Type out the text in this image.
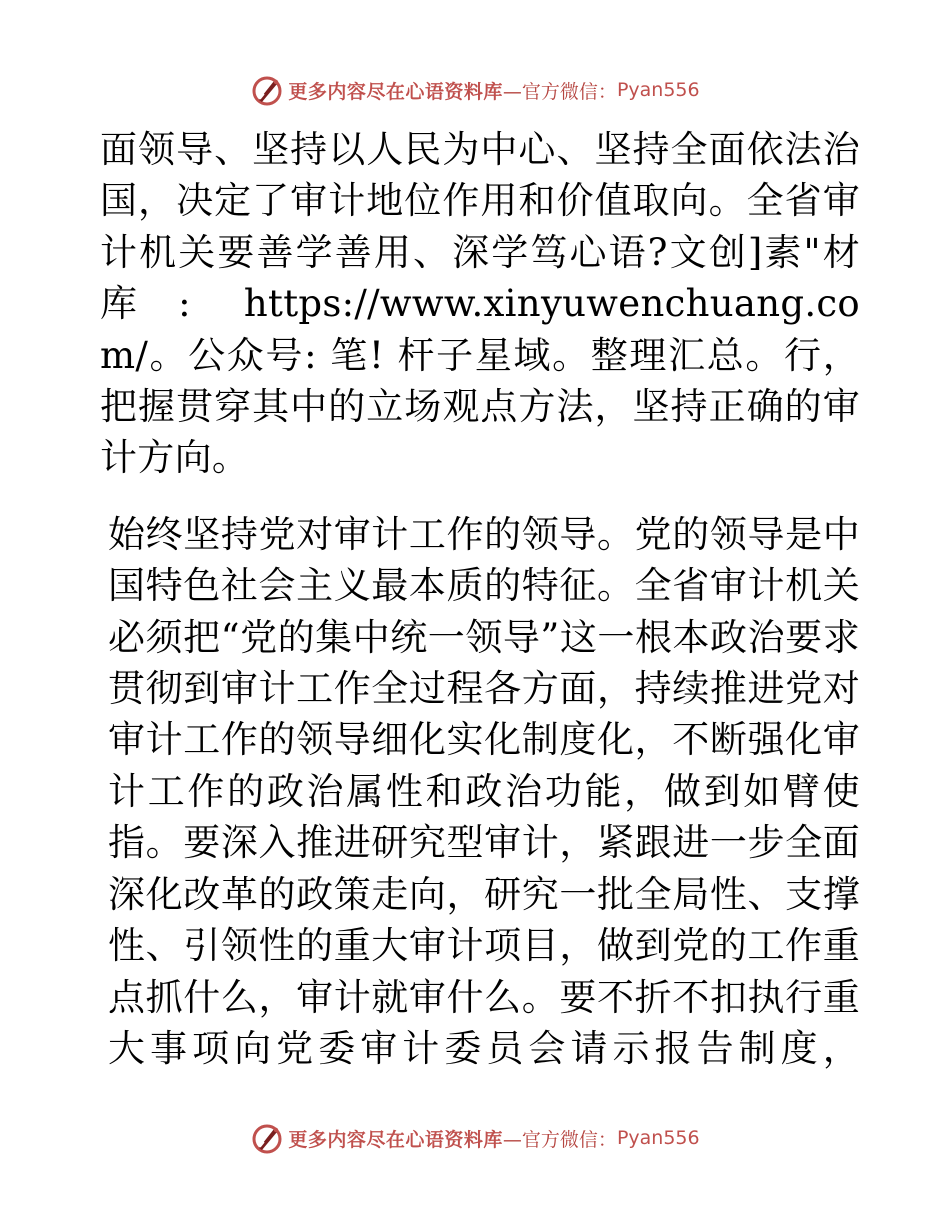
更多内容尽在心语资料库 —官方微信： Pyan556

面领导、坚持以人民为中心、坚持全面依法治国，决定了审计地位作用和价值取向。全省审计机关要善学善用、深学笃心语?文创]素"材库: https://www.xinyuwenchuang.com/。公众号: 笔! 杆子星域。整理汇总。行，把握贯穿其中的立场观点方法，坚持正确的审计方向。

始终坚持党对审计工作的领导。党的领导是中国特色社会主义最本质的特征。全省审计机关必须把“党的集中统一领导”这一根本政治要求贯彻到审计工作全过程各方面，持续推进党对审计工作的领导细化实化制度化，不断强化审计工作的政治属性和政治功能，做到如臂使指。要深入推进研究型审计，紧跟进一步全面深化改革的政策走向，研究一批全局性、支撑性、引领性的重大审计项目，做到党的工作重点抓什么，审计就审什么。要不折不扣执行重大事项向党委审计委员会请示报告制度，

更多内容尽在心语资料库 —官方微信： Pyan556
